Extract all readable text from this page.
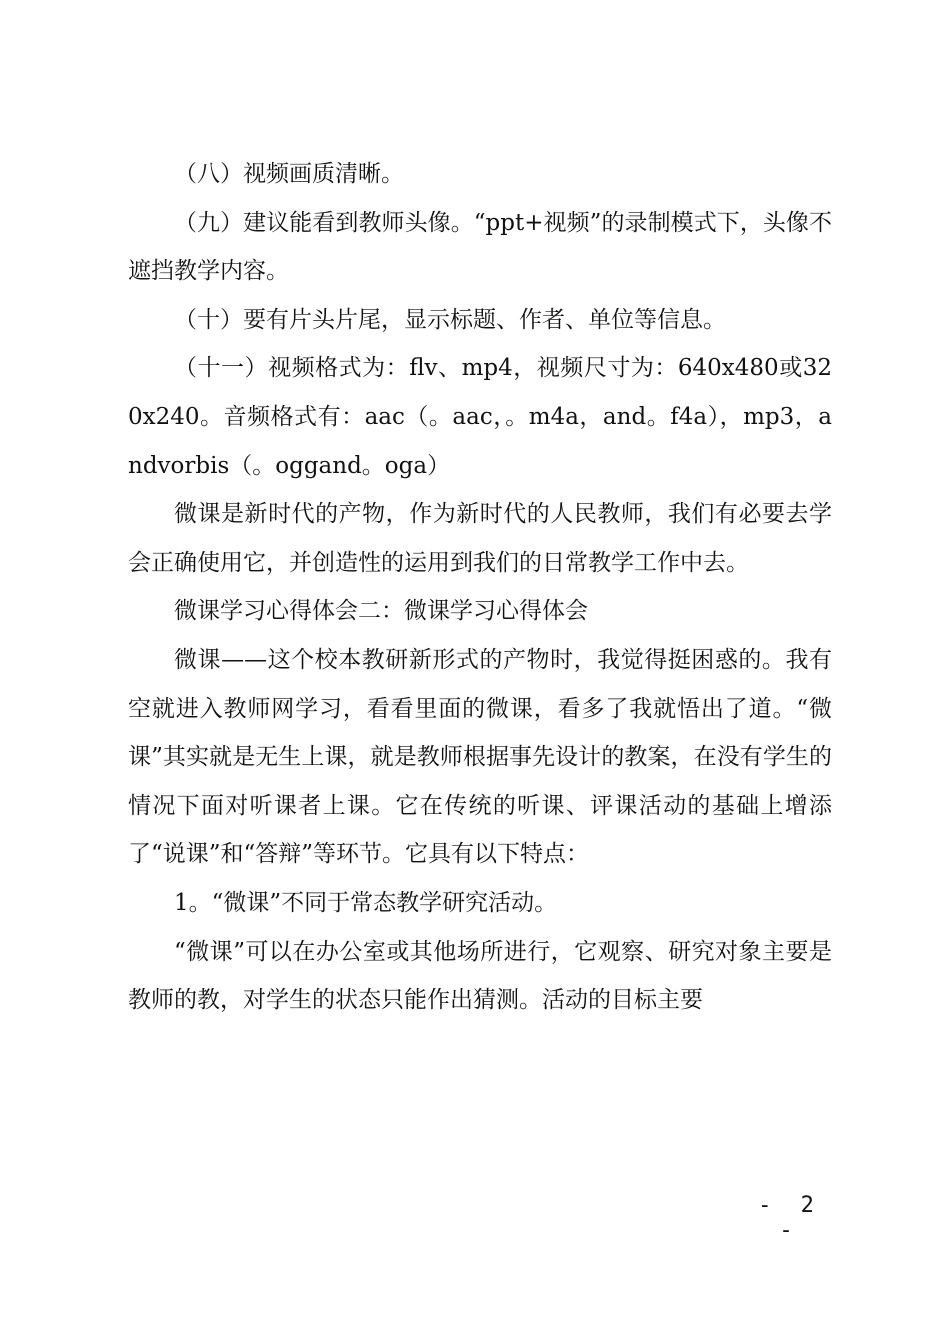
（八）视频画质清晰。

（九）建议能看到教师头像。“ppt+视频”的录制模式下，头像不遮挡教学内容。

（十）要有片头片尾，显示标题、作者、单位等信息。

（十一）视频格式为：flv、mp4，视频尺寸为：640x480或320x240。音频格式有：aac（。aac，。m4a，and。f4a），mp3，andvorbis（。oggand。oga）

微课是新时代的产物，作为新时代的人民教师，我们有必要去学会正确使用它，并创造性的运用到我们的日常教学工作中去。

微课学习心得体会二：微课学习心得体会

微课——这个校本教研新形式的产物时，我觉得挺困惑的。我有空就进入教师网学习，看看里面的微课，看多了我就悟出了道。“微课”其实就是无生上课，就是教师根据事先设计的教案，在没有学生的情况下面对听课者上课。它在传统的听课、评课活动的基础上增添了“说课”和“答辩”等环节。它具有以下特点：

1。“微课”不同于常态教学研究活动。

“微课”可以在办公室或其他场所进行，它观察、研究对象主要是教师的教，对学生的状态只能作出猜测。活动的目标主要

- 2 -
